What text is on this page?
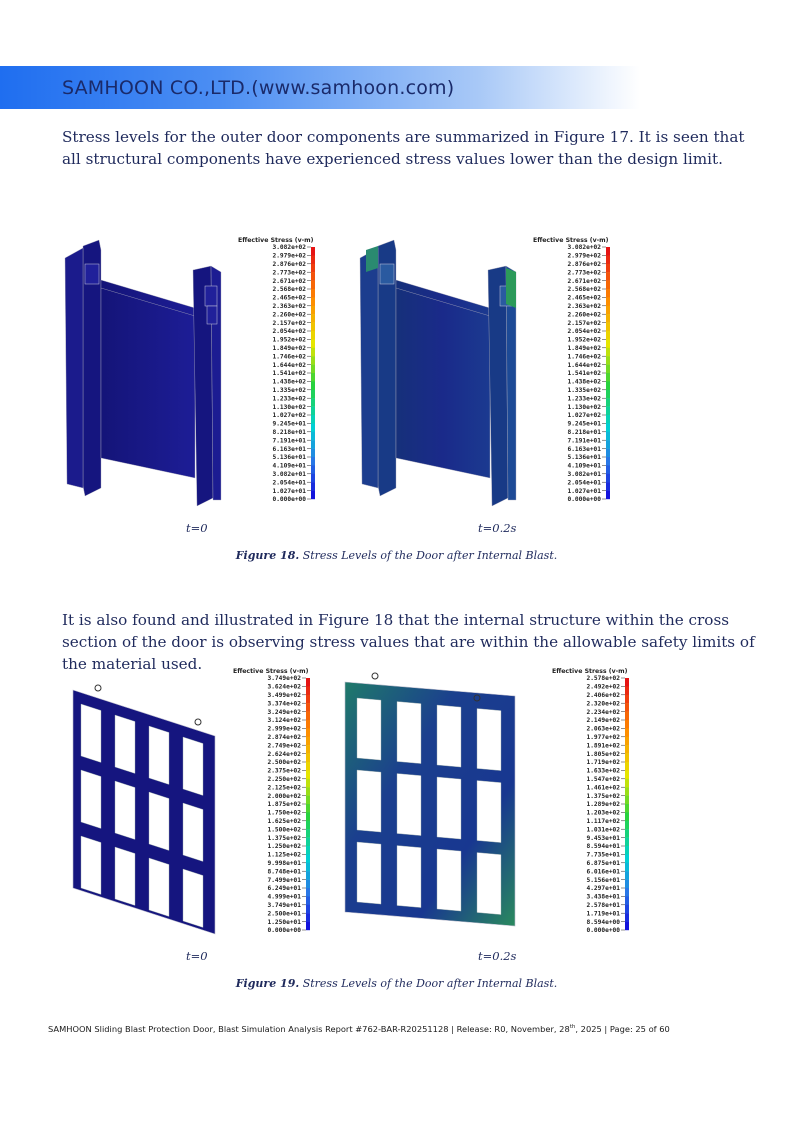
SAMHOON CO.,LTD.(www.samhoon.com)

Stress levels for the outer door components are summarized in Figure 17. It is seen that all structural components have experienced stress values lower than the design limit.

Effective Stress (v-m)
3.082e+02
2.979e+02
2.876e+02
2.773e+02
2.671e+02
2.568e+02
2.465e+02
2.363e+02
2.260e+02
2.157e+02
2.054e+02
1.952e+02
1.849e+02
1.746e+02
1.644e+02
1.541e+02
1.438e+02
1.335e+02
1.233e+02
1.130e+02
1.027e+02
9.245e+01
8.218e+01
7.191e+01
6.163e+01
5.136e+01
4.109e+01
3.082e+01
2.054e+01
1.027e+01
0.000e+00
Effective Stress (v-m)
3.082e+02
2.979e+02
2.876e+02
2.773e+02
2.671e+02
2.568e+02
2.465e+02
2.363e+02
2.260e+02
2.157e+02
2.054e+02
1.952e+02
1.849e+02
1.746e+02
1.644e+02
1.541e+02
1.438e+02
1.335e+02
1.233e+02
1.130e+02
1.027e+02
9.245e+01
8.218e+01
7.191e+01
6.163e+01
5.136e+01
4.109e+01
3.082e+01
2.054e+01
1.027e+01
0.000e+00
t=0	t=0.2s
Figure 18. Stress Levels of the Door after Internal Blast.

It is also found and illustrated in Figure 18 that the internal structure within the cross section of the door is observing stress values that are within the allowable safety limits of the material used.	Effective Stress (v-m)
3.749e+02
3.624e+02
3.499e+02
3.374e+02
3.249e+02
3.124e+02
2.999e+02
2.874e+02
2.749e+02
2.624e+02
2.500e+02
2.375e+02
2.250e+02
2.125e+02
2.000e+02
1.875e+02
1.750e+02
1.625e+02
1.500e+02
1.375e+02
1.250e+02
1.125e+02
9.998e+01
8.748e+01
7.499e+01
6.249e+01
4.999e+01
3.749e+01
2.500e+01
1.250e+01
0.000e+00
Effective Stress (v-m)
2.578e+02
2.492e+02
2.406e+02
2.320e+02
2.234e+02
2.149e+02
2.063e+02
1.977e+02
1.891e+02
1.805e+02
1.719e+02
1.633e+02
1.547e+02
1.461e+02
1.375e+02
1.289e+02
1.203e+02
1.117e+02
1.031e+02
9.453e+01
8.594e+01
7.735e+01
6.875e+01
6.016e+01
5.156e+01
4.297e+01
3.438e+01
2.578e+01
1.719e+01
8.594e+00
0.000e+00
t=0	t=0.2s
Figure 19. Stress Levels of the Door after Internal Blast.
SAMHOON Sliding Blast Protection Door, Blast Simulation Analysis Report #762-BAR-R20251128 | Release: R0, November, 28th, 2025 | Page: 25 of 60
